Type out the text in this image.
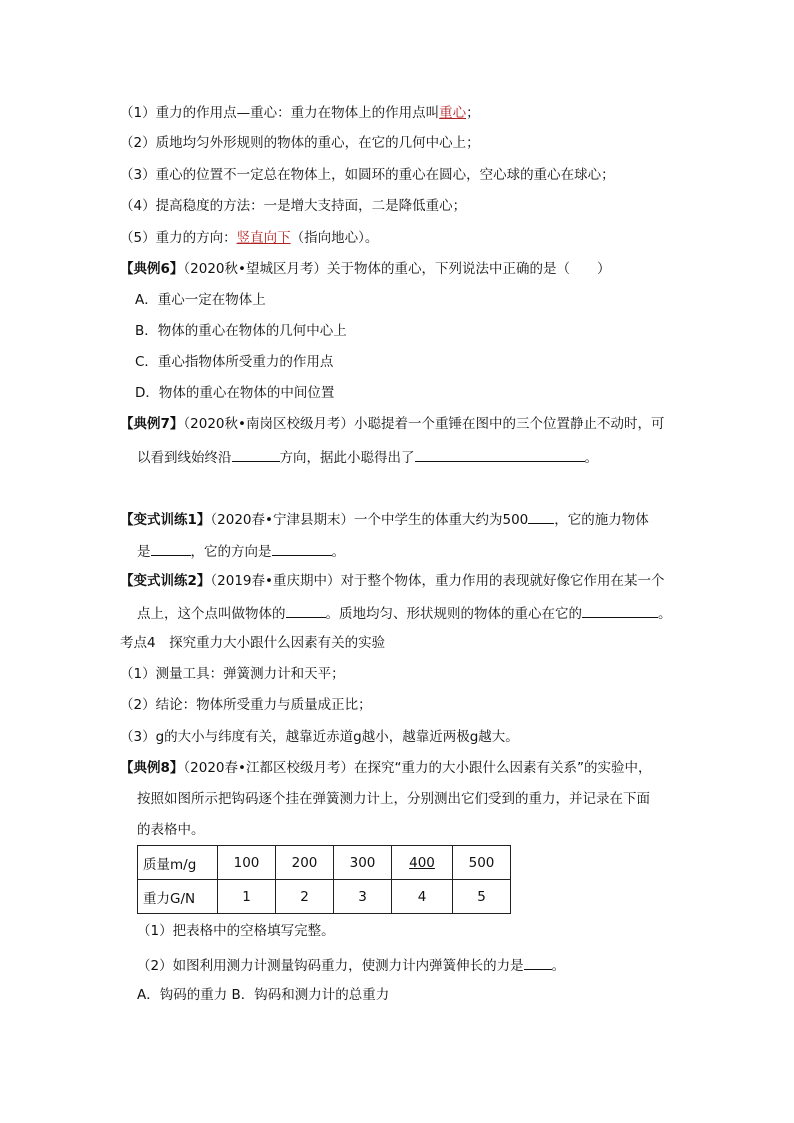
（1）重力的作用点—重心：重力在物体上的作用点叫重心；
（2）质地均匀外形规则的物体的重心，在它的几何中心上；
（3）重心的位置不一定总在物体上，如圆环的重心在圆心，空心球的重心在球心；
（4）提高稳度的方法：一是增大支持面，二是降低重心；
（5）重力的方向：竖直向下（指向地心）。
【典例6】（2020秋•望城区月考）关于物体的重心，下列说法中正确的是（　　）
A．重心一定在物体上
B．物体的重心在物体的几何中心上
C．重心指物体所受重力的作用点
D．物体的重心在物体的中间位置
【典例7】（2020秋•南岗区校级月考）小聪提着一个重锤在图中的三个位置静止不动时，可
以看到线始终沿	方向，据此小聪得出了	。
【变式训练1】（2020春•宁津县期末）一个中学生的体重大约为500 ，它的施力物体
是	，它的方向是	。
【变式训练2】（2019春•重庆期中）对于整个物体，重力作用的表现就好像它作用在某一个
点上，这个点叫做物体的	。质地均匀、形状规则的物体的重心在它的	。
考点4　探究重力大小跟什么因素有关的实验
（1）测量工具：弹簧测力计和天平；
（2）结论：物体所受重力与质量成正比；
（3）g的大小与纬度有关，越靠近赤道g越小，越靠近两极g越大。
【典例8】（2020春•江都区校级月考）在探究“重力的大小跟什么因素有关系”的实验中，
按照如图所示把钩码逐个挂在弹簧测力计上，分别测出它们受到的重力，并记录在下面
的表格中。
质量m/g	100	200	300	400	500
重力G/N	1	2	3	4	5
（1）把表格中的空格填写完整。
（2）如图利用测力计测量钩码重力，使测力计内弹簧伸长的力是 。
A．钩码的重力 B．钩码和测力计的总重力
